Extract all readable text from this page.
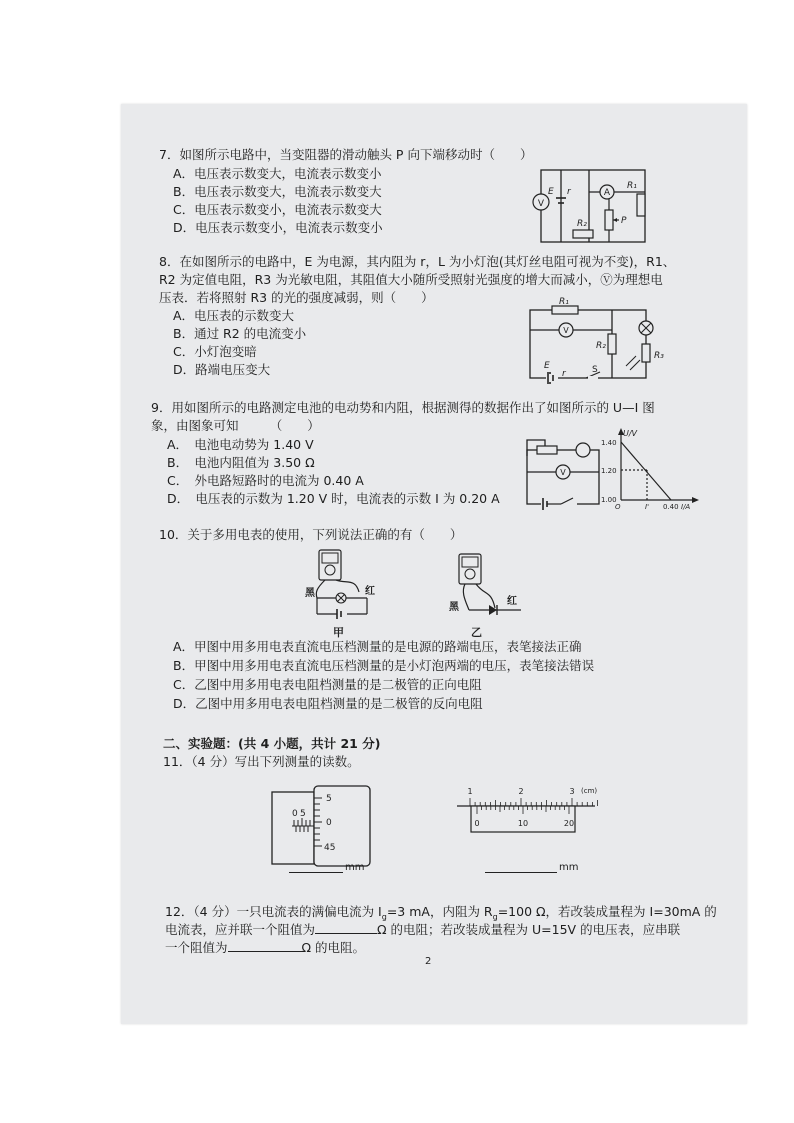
7．如图所示电路中，当变阻器的滑动触头 P 向下端移动时（　　）
A．电压表示数变大，电流表示数变小
B．电压表示数变大，电流表示数变大
C．电压表示数变小，电流表示数变大
D．电压表示数变小，电流表示数变小
V
A
E r
R₁
R₂	P
8．在如图所示的电路中，E 为电源，其内阻为 r，L 为小灯泡(其灯丝电阻可视为不变)，R1、
R2 为定值电阻，R3 为光敏电阻，其阻值大小随所受照射光强度的增大而减小，Ⓥ为理想电
压表．若将照射 R3 的光的强度减弱，则（　　）
A．电压表的示数变大
B．通过 R2 的电流变小
C．小灯泡变暗
D．路端电压变大
R₁
V
R₂
R₃
E
r	S
9．用如图所示的电路测定电池的电动势和内阻，根据测得的数据作出了如图所示的 U—I 图
象，由图象可知　　　（　　）
A．　电池电动势为 1.40 V
B．　电池内阻值为 3.50 Ω
C．　外电路短路时的电流为 0.40 A
D．　电压表的示数为 1.20 V 时，电流表的示数 I 为 0.20 A
V
U/V
1.40
1.20
1.00
O	I' 0.40 I/A
10．关于多用电表的使用，下列说法正确的有（　　）
黑	红
甲
黑
红
乙
A．甲图中用多用电表直流电压档测量的是电源的路端电压，表笔接法正确
B．甲图中用多用电表直流电压档测量的是小灯泡两端的电压，表笔接法错误
C．乙图中用多用电表电阻档测量的是二极管的正向电阻
D．乙图中用多用电表电阻档测量的是二极管的反向电阻
二、实验题：(共 4 小题，共计 21 分)
11．（4 分）写出下列测量的读数。
0 5
5
0
45
mm
1	2	3 (cm)
0	10	20
mm
12．（4 分）一只电流表的满偏电流为 $I_g=3$ mA，内阻为 $R_g=100$ Ω，若改装成量程为 I=30mA 的
电流表，应并联一个阻值为	Ω 的电阻；若改装成量程为 U=15V 的电压表，应串联
一个阻值为	Ω 的电阻。
2
